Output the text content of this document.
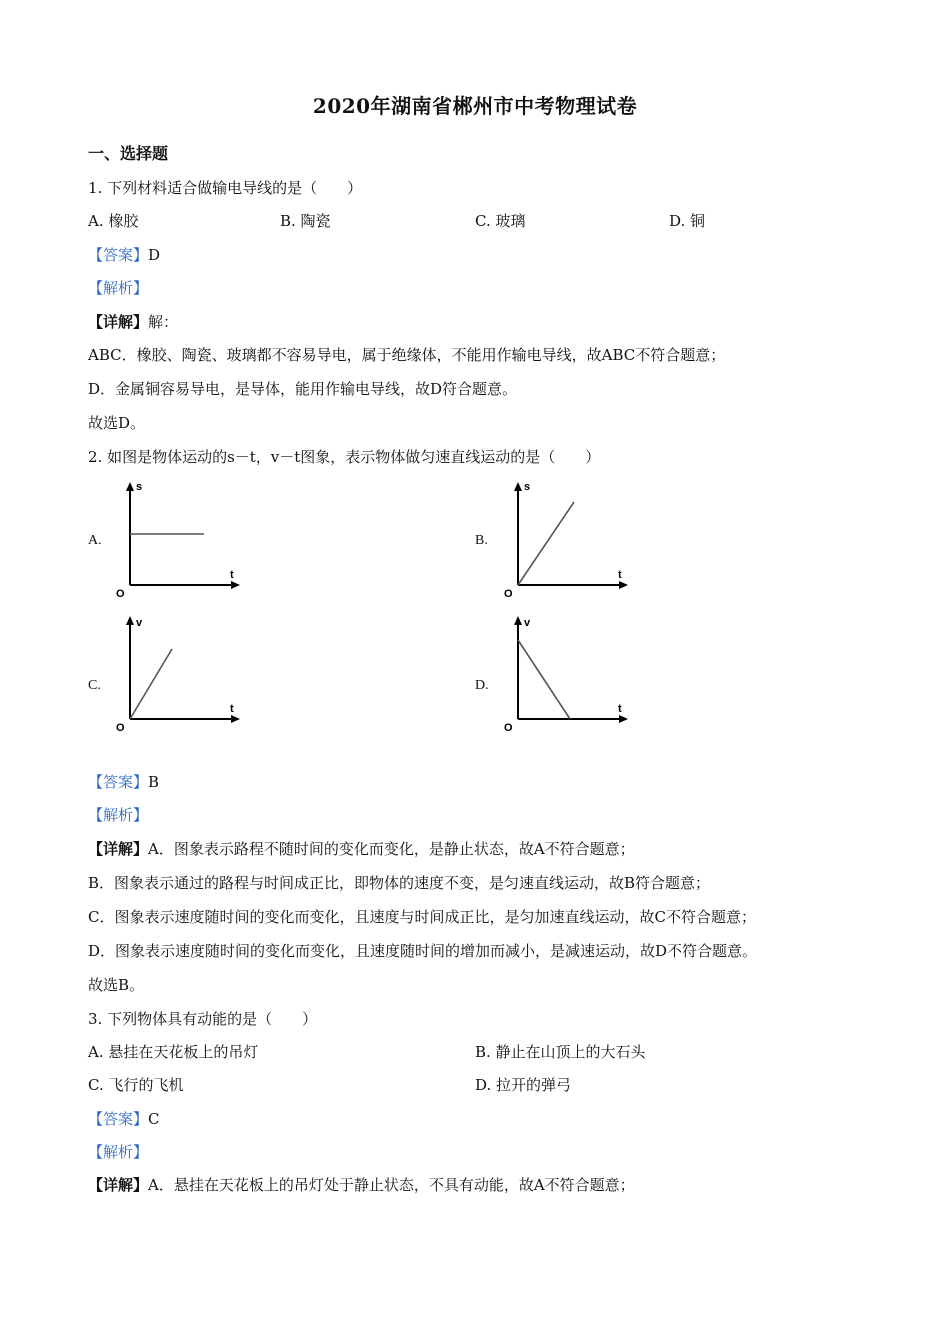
2020年湖南省郴州市中考物理试卷
一、选择题
1. 下列材料适合做输电导线的是（　　）
A. 橡胶	B. 陶瓷	C. 玻璃	D. 铜
【答案】D
【解析】
【详解】解：
ABC．橡胶、陶瓷、玻璃都不容易导电，属于绝缘体，不能用作输电导线，故ABC不符合题意；
D．金属铜容易导电，是导体，能用作输电导线，故D符合题意。
故选D。
2. 如图是物体运动的s－t，v－t图象，表示物体做匀速直线运动的是（　　）
A.
s
t
O
B.
s
t
O
C.
v
t
O
D.
v
t
O
【答案】B
【解析】
【详解】A．图象表示路程不随时间的变化而变化，是静止状态，故A不符合题意；
B．图象表示通过的路程与时间成正比，即物体的速度不变，是匀速直线运动，故B符合题意；
C．图象表示速度随时间的变化而变化，且速度与时间成正比，是匀加速直线运动，故C不符合题意；
D．图象表示速度随时间的变化而变化，且速度随时间的增加而减小，是减速运动，故D不符合题意。
故选B。
3. 下列物体具有动能的是（　　）
A. 悬挂在天花板上的吊灯	B. 静止在山顶上的大石头
C. 飞行的飞机	D. 拉开的弹弓
【答案】C
【解析】
【详解】A．悬挂在天花板上的吊灯处于静止状态，不具有动能，故A不符合题意；
